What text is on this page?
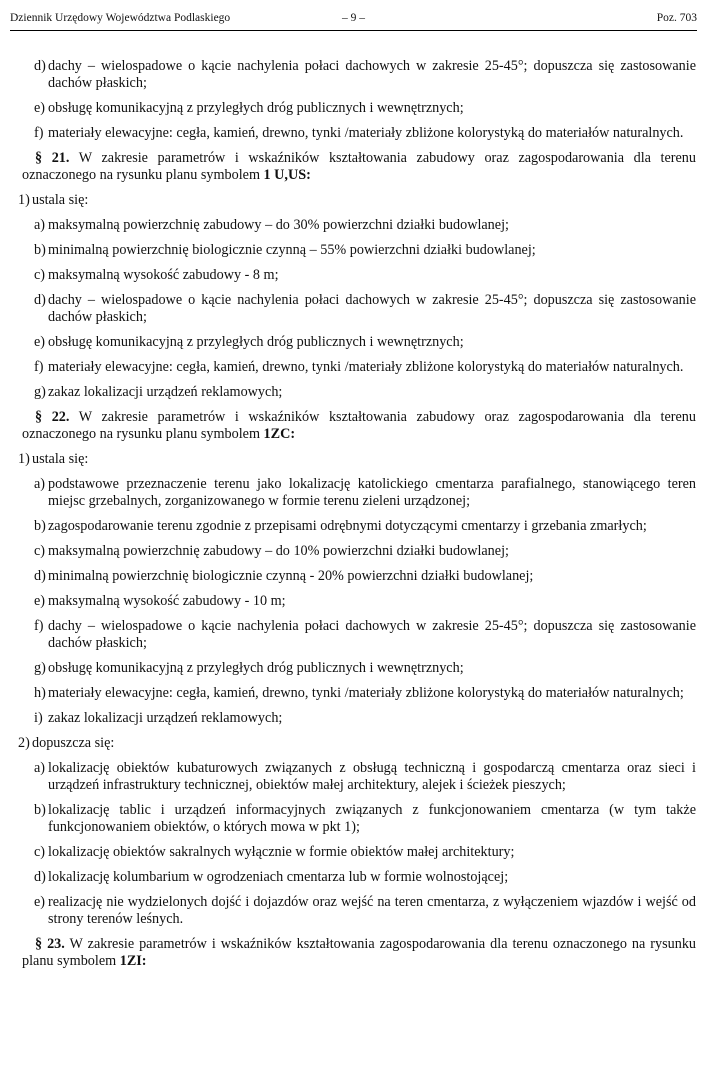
Dziennik Urzędowy Województwa Podlaskiego	– 9 –	Poz. 703
d) dachy – wielospadowe o kącie nachylenia połaci dachowych w zakresie 25-45°; dopuszcza się zastosowanie dachów płaskich;
e) obsługę komunikacyjną z przyległych dróg publicznych i wewnętrznych;
f) materiały elewacyjne: cegła, kamień, drewno, tynki /materiały zbliżone kolorystyką do materiałów naturalnych.

§ 21. W zakresie parametrów i wskaźników kształtowania zabudowy oraz zagospodarowania dla terenu oznaczonego na rysunku planu symbolem 1 U,US:

1) ustala się:
a) maksymalną powierzchnię zabudowy – do 30% powierzchni działki budowlanej;
b) minimalną powierzchnię biologicznie czynną – 55% powierzchni działki budowlanej;
c) maksymalną wysokość zabudowy - 8 m;
d) dachy – wielospadowe o kącie nachylenia połaci dachowych w zakresie 25-45°; dopuszcza się zastosowanie dachów płaskich;
e) obsługę komunikacyjną z przyległych dróg publicznych i wewnętrznych;
f) materiały elewacyjne: cegła, kamień, drewno, tynki /materiały zbliżone kolorystyką do materiałów naturalnych.
g) zakaz lokalizacji urządzeń reklamowych;

§ 22. W zakresie parametrów i wskaźników kształtowania zabudowy oraz zagospodarowania dla terenu oznaczonego na rysunku planu symbolem 1ZC:

1) ustala się:
a) podstawowe przeznaczenie terenu jako lokalizację katolickiego cmentarza parafialnego, stanowiącego teren miejsc grzebalnych, zorganizowanego w formie terenu zieleni urządzonej;
b) zagospodarowanie terenu zgodnie z przepisami odrębnymi dotyczącymi cmentarzy i grzebania zmarłych;
c) maksymalną powierzchnię zabudowy – do 10% powierzchni działki budowlanej;
d) minimalną powierzchnię biologicznie czynną - 20% powierzchni działki budowlanej;
e) maksymalną wysokość zabudowy - 10 m;
f) dachy – wielospadowe o kącie nachylenia połaci dachowych w zakresie 25-45°; dopuszcza się zastosowanie dachów płaskich;
g) obsługę komunikacyjną z przyległych dróg publicznych i wewnętrznych;
h) materiały elewacyjne: cegła, kamień, drewno, tynki /materiały zbliżone kolorystyką do materiałów naturalnych;
i) zakaz lokalizacji urządzeń reklamowych;
2) dopuszcza się:
a) lokalizację obiektów kubaturowych związanych z obsługą techniczną i gospodarczą cmentarza oraz sieci i urządzeń infrastruktury technicznej, obiektów małej architektury, alejek i ścieżek pieszych;
b) lokalizację tablic i urządzeń informacyjnych związanych z funkcjonowaniem cmentarza (w tym także funkcjonowaniem obiektów, o których mowa w pkt 1);
c) lokalizację obiektów sakralnych wyłącznie w formie obiektów małej architektury;
d) lokalizację kolumbarium w ogrodzeniach cmentarza lub w formie wolnostojącej;
e) realizację nie wydzielonych dojść i dojazdów oraz wejść na teren cmentarza, z wyłączeniem wjazdów i wejść od strony terenów leśnych.

§ 23. W zakresie parametrów i wskaźników kształtowania zagospodarowania dla terenu oznaczonego na rysunku planu symbolem 1ZI:
